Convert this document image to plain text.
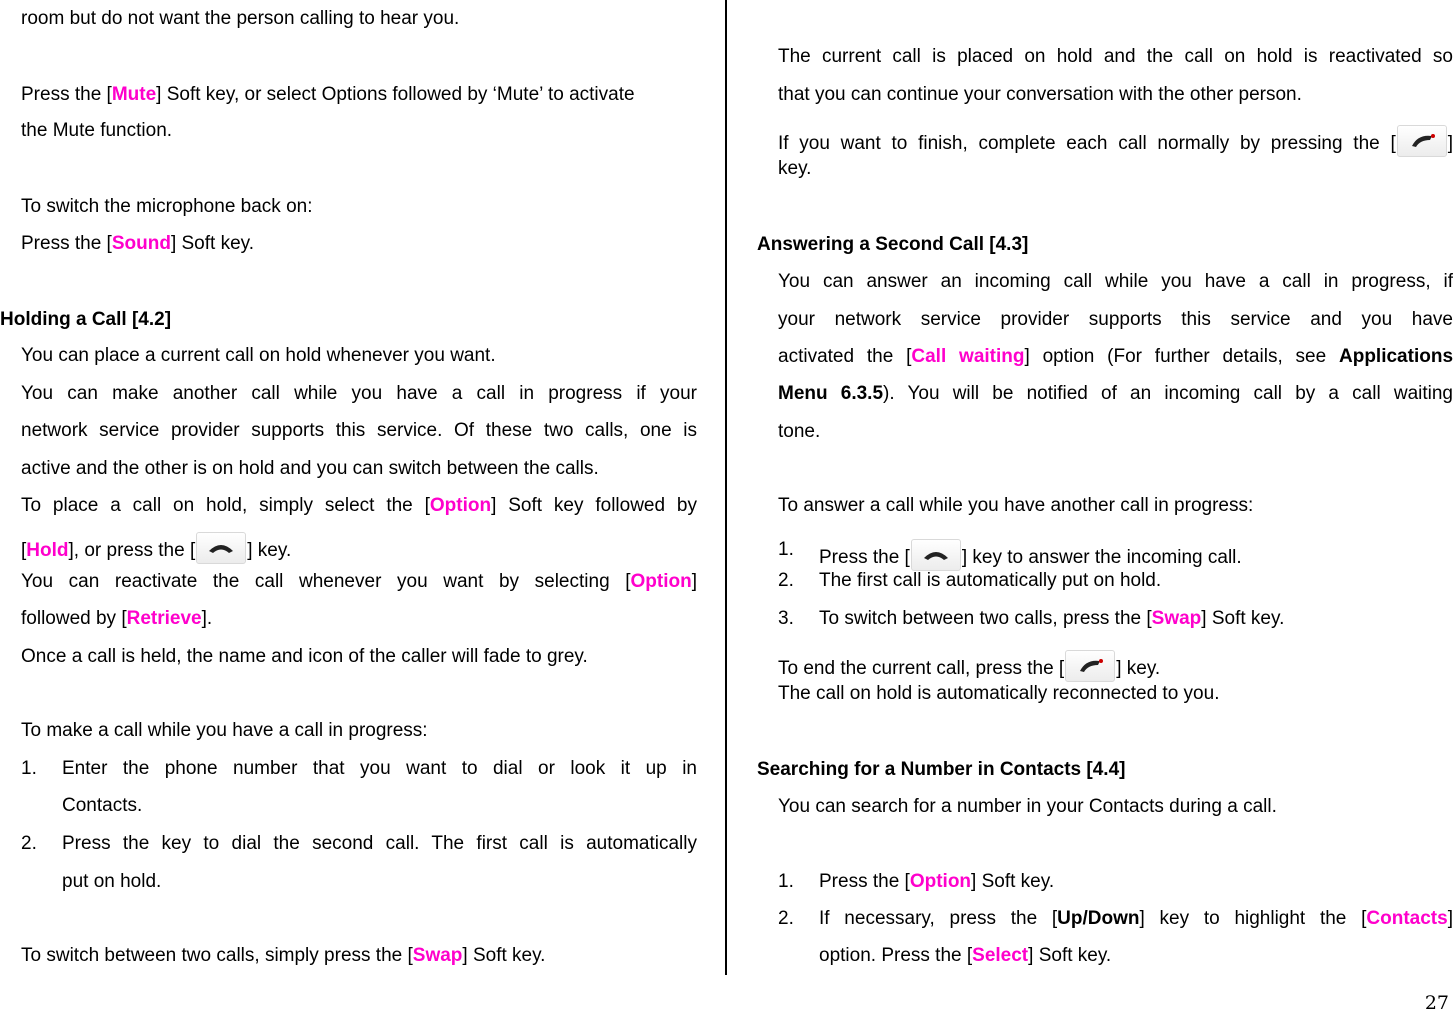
room but do not want the person calling to hear you.
Press the [Mute] Soft key, or select Options followed by ‘Mute’ to activate
the Mute function.
To switch the microphone back on:
Press the [Sound] Soft key.
Holding a Call [4.2]
You can place a current call on hold whenever you want.
You can make another call while you have a call in progress if your
network service provider supports this service. Of these two calls, one is
active and the other is on hold and you can switch between the calls.
To place a call on hold, simply select the [Option] Soft key followed by
[Hold], or press the [	] key.
You can reactivate the call whenever you want by selecting [Option]
followed by [Retrieve].
Once a call is held, the name and icon of the caller will fade to grey.
To make a call while you have a call in progress:
1. Enter the phone number that you want to dial or look it up in
Contacts.
2. Press the key to dial the second call. The first call is automatically
put on hold.
To switch between two calls, simply press the [Swap] Soft key.
The current call is placed on hold and the call on hold is reactivated so
that you can continue your conversation with the other person.
If you want to finish, complete each call normally by pressing the [	]
key.
Answering a Second Call [4.3]
You can answer an incoming call while you have a call in progress, if
your network service provider supports this service and you have
activated the [Call waiting] option (For further details, see Applications
Menu 6.3.5). You will be notified of an incoming call by a call waiting
tone.
To answer a call while you have another call in progress:
1. Press the [	] key to answer the incoming call.
2. The first call is automatically put on hold.
3. To switch between two calls, press the [Swap] Soft key.
To end the current call, press the [	] key.
The call on hold is automatically reconnected to you.
Searching for a Number in Contacts [4.4]
You can search for a number in your Contacts during a call.
1. Press the [Option] Soft key.
2. If necessary, press the [Up/Down] key to highlight the [Contacts]
option. Press the [Select] Soft key.
27
